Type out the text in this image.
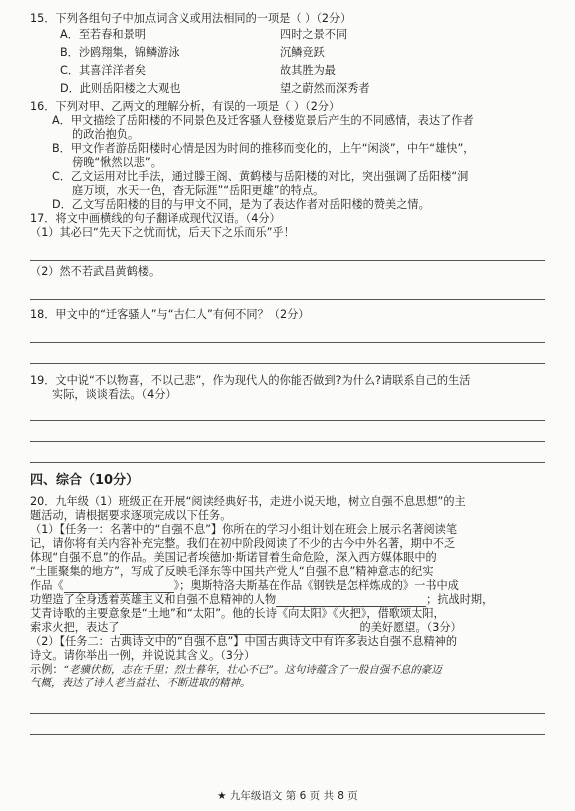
15．下列各组句子中加点词含义或用法相同的一项是（ ）（2分）

A．至若春和景明	四时之景不同
B．沙鸥翔集，锦鳞游泳	沉鳞竞跃
C．其喜洋洋者矣	故其胜为最
D．此则岳阳楼之大观也	望之蔚然而深秀者

16．下列对甲、乙两文的理解分析，有误的一项是（ ）（2分）

A．甲文描绘了岳阳楼的不同景色及迁客骚人登楼览景后产生的不同感情，表达了作者

的政治抱负。

B．甲文作者游岳阳楼时心情是因为时间的推移而变化的，上午“闲淡”，中午“雄快”，

傍晚“愀然以悲”。

C．乙文运用对比手法，通过滕王阁、黄鹤楼与岳阳楼的对比，突出强调了岳阳楼“洞

庭万顷，水天一色，杳无际涯”“岳阳更雄”的特点。

D．乙文写岳阳楼的目的与甲文不同，是为了表达作者对岳阳楼的赞美之情。

17．将文中画横线的句子翻译成现代汉语。（4分）

（1）其必曰“先天下之忧而忧，后天下之乐而乐”乎！

（2）然不若武昌黄鹤楼。

18．甲文中的“迁客骚人”与“古仁人”有何不同？（2分）

19．文中说“不以物喜，不以己悲”，作为现代人的你能否做到?为什么?请联系自己的生活

实际，谈谈看法。（4分）

四、综合（10分）

20．九年级（1）班级正在开展“阅读经典好书，走进小说天地，树立自强不息思想”的主

题活动，请根据要求逐项完成以下任务。

（1）【任务一：名著中的“自强不息”】你所在的学习小组计划在班会上展示名著阅读笔

记，请你将有关内容补充完整。我们在初中阶段阅读了不少的古今中外名著，期中不乏

体现“自强不息”的作品。美国记者埃德加·斯诺冒着生命危险，深入西方媒体眼中的

“土匪聚集的地方”，写成了反映毛泽东等中国共产党人“自强不息”精神意志的纪实

作品《	》；奥斯特洛夫斯基在作品《钢铁是怎样炼成的》一书中成

功塑造了全身透着英雄主义和自强不息精神的人物	；抗战时期，

艾青诗歌的主要意象是“土地”和“太阳”。他的长诗《向太阳》《火把》，借歌颂太阳，

索求火把，表达了	的美好愿望。（3分）

（2）【任务二：古典诗文中的“自强不息”】中国古典诗文中有许多表达自强不息精神的

诗文。请你举出一例，并说说其含义。（3分）

示例：“老骥伏枥，志在千里；烈士暮年，壮心不已”。这句诗蕴含了一股自强不息的豪迈

气概，表达了诗人老当益壮、不断进取的精神。

★ 九年级语文 第 6 页 共 8 页
